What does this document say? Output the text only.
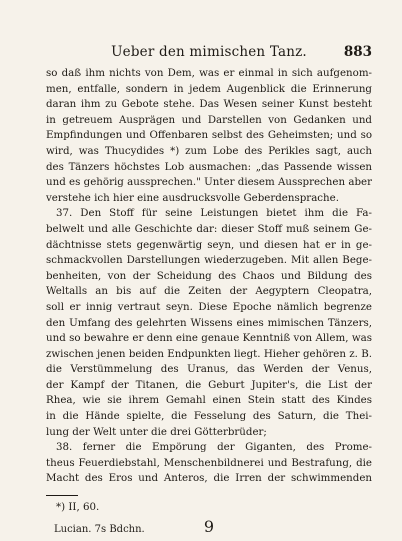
Ueber den mimischen Tanz.	883
so daß ihm nichts von Dem, was er einmal in sich aufgenom-
men, entfalle, sondern in jedem Augenblick die Erinnerung
daran ihm zu Gebote stehe. Das Wesen seiner Kunst besteht
in getreuem Ausprägen und Darstellen von Gedanken und
Empfindungen und Offenbaren selbst des Geheimsten; und so
wird, was Thucydides *) zum Lobe des Perikles sagt, auch
des Tänzers höchstes Lob ausmachen: „das Passende wissen
und es gehörig aussprechen." Unter diesem Aussprechen aber
verstehe ich hier eine ausdrucksvolle Geberdensprache.
37. Den Stoff für seine Leistungen bietet ihm die Fa-
belwelt und alle Geschichte dar: dieser Stoff muß seinem Ge-
dächtnisse stets gegenwärtig seyn, und diesen hat er in ge-
schmackvollen Darstellungen wiederzugeben. Mit allen Bege-
benheiten, von der Scheidung des Chaos und Bildung des
Weltalls an bis auf die Zeiten der Aegyptern Cleopatra,
soll er innig vertraut seyn. Diese Epoche nämlich begrenze
den Umfang des gelehrten Wissens eines mimischen Tänzers,
und so bewahre er denn eine genaue Kenntniß von Allem, was
zwischen jenen beiden Endpunkten liegt. Hieher gehören z. B.
die Verstümmelung des Uranus, das Werden der Venus,
der Kampf der Titanen, die Geburt Jupiter's, die List der
Rhea, wie sie ihrem Gemahl einen Stein statt des Kindes
in die Hände spielte, die Fesselung des Saturn, die Thei-
lung der Welt unter die drei Götterbrüder;
38. ferner die Empörung der Giganten, des Prome-
theus Feuerdiebstahl, Menschenbildnerei und Bestrafung, die
Macht des Eros und Anteros, die Irren der schwimmenden
*) II, 60.
Lucian. 7s Bdchn.	9
